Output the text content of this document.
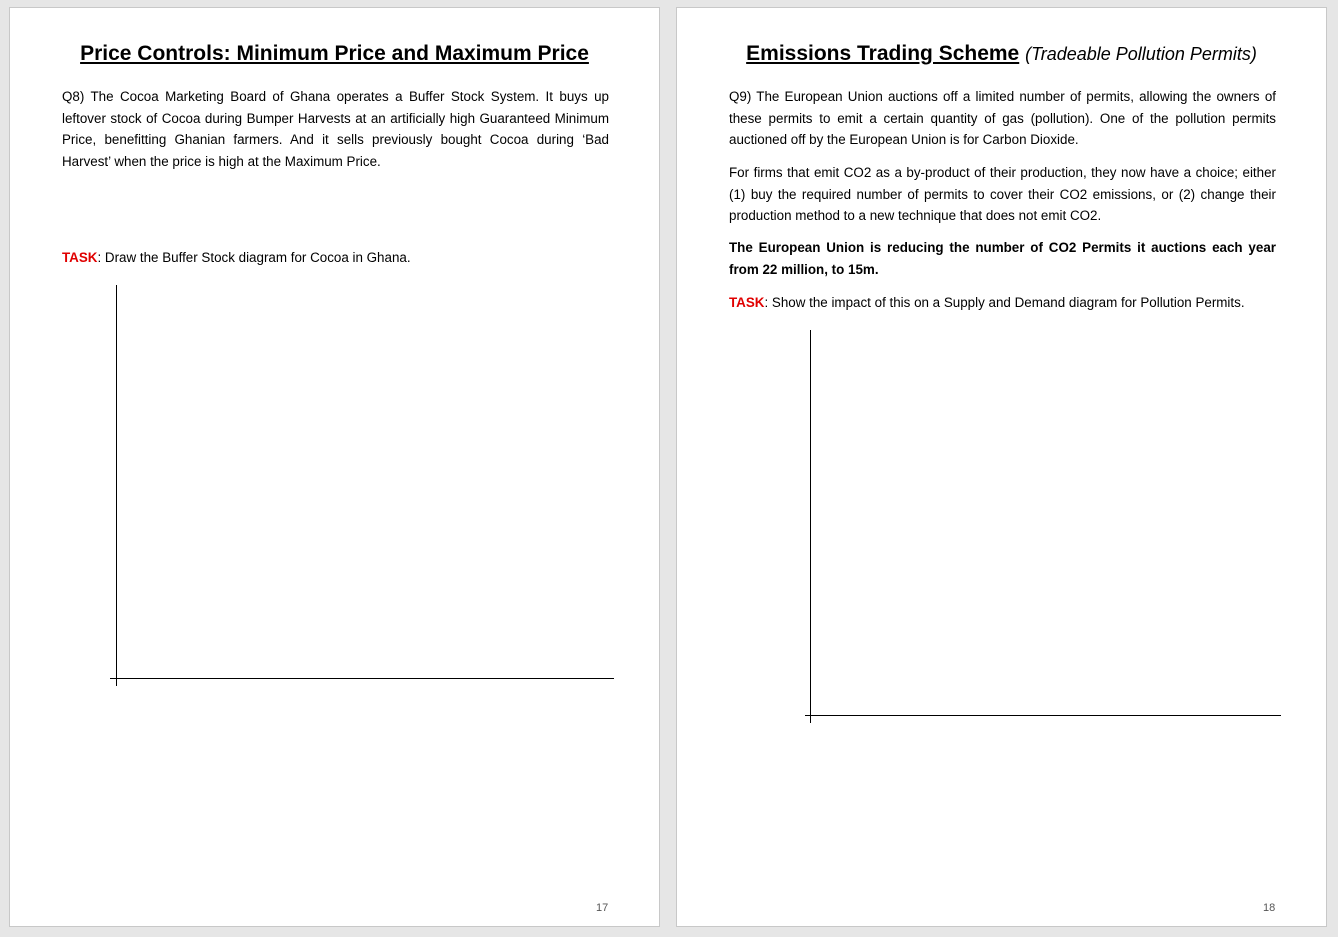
Price Controls: Minimum Price and Maximum Price

Q8) The Cocoa Marketing Board of Ghana operates a Buffer Stock System. It buys up leftover stock of Cocoa during Bumper Harvests at an artificially high Guaranteed Minimum Price, benefitting Ghanian farmers. And it sells previously bought Cocoa during ‘Bad Harvest’ when the price is high at the Maximum Price.

TASK: Draw the Buffer Stock diagram for Cocoa in Ghana.

17
Emissions Trading Scheme (Tradeable Pollution Permits)

Q9) The European Union auctions off a limited number of permits, allowing the owners of these permits to emit a certain quantity of gas (pollution). One of the pollution permits auctioned off by the European Union is for Carbon Dioxide.

For firms that emit CO2 as a by-product of their production, they now have a choice; either (1) buy the required number of permits to cover their CO2 emissions, or (2) change their production method to a new technique that does not emit CO2.

The European Union is reducing the number of CO2 Permits it auctions each year from 22 million, to 15m.

TASK: Show the impact of this on a Supply and Demand diagram for Pollution Permits.

18
